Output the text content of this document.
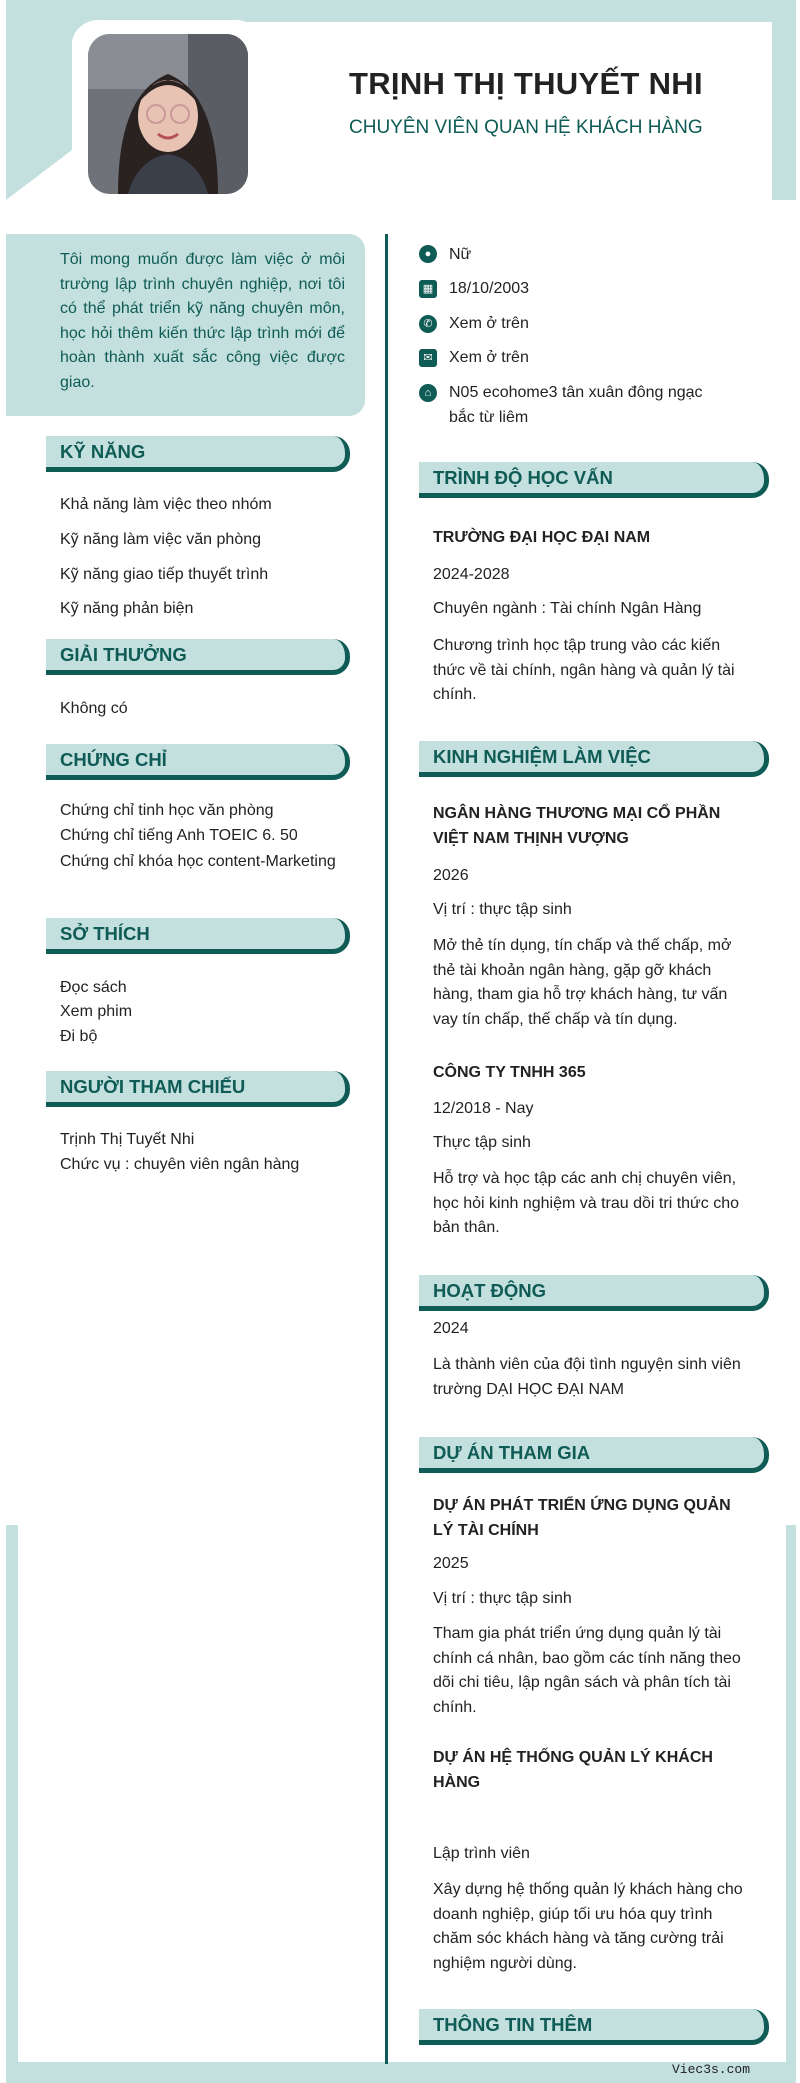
TRỊNH THỊ THUYẾT NHI
CHUYÊN VIÊN QUAN HỆ KHÁCH HÀNG
Tôi mong muốn được làm việc ở môi trường lập trình chuyên nghiệp, nơi tôi có thể phát triển kỹ năng chuyên môn, học hỏi thêm kiến thức lập trình mới để hoàn thành xuất sắc công việc được giao.
●	Nữ
▦ 18/10/2003
✆ Xem ở trên
✉ Xem ở trên
⌂	N05 ecohome3 tân xuân đông ngạc
bắc từ liêm
KỸ NĂNG
Khả năng làm việc theo nhóm
Kỹ năng làm việc văn phòng
Kỹ năng giao tiếp thuyết trình
Kỹ năng phản biện
GIẢI THƯỞNG
Không có
CHỨNG CHỈ
Chứng chỉ tinh học văn phòng
Chứng chỉ tiếng Anh TOEIC 6. 50
Chứng chỉ khóa học content-Marketing
SỞ THÍCH
Đọc sách
Xem phim
Đi bộ
NGƯỜI THAM CHIẾU
Trịnh Thị Tuyết Nhi
Chức vụ : chuyên viên ngân hàng
TRÌNH ĐỘ HỌC VẤN
TRƯỜNG ĐẠI HỌC ĐẠI NAM
2024-2028
Chuyên ngành : Tài chính Ngân Hàng
Chương trình học tập trung vào các kiến thức về tài chính, ngân hàng và quản lý tài chính.
KINH NGHIỆM LÀM VIỆC
NGÂN HÀNG THƯƠNG MẠI CỔ PHẦN VIỆT NAM THỊNH VƯỢNG
2026
Vị trí : thực tập sinh
Mở thẻ tín dụng, tín chấp và thế chấp, mở thẻ tài khoản ngân hàng, gặp gỡ khách hàng, tham gia hỗ trợ khách hàng, tư vấn vay tín chấp, thế chấp và tín dụng.
CÔNG TY TNHH 365
12/2018 - Nay
Thực tập sinh
Hỗ trợ và học tập các anh chị chuyên viên, học hỏi kinh nghiệm và trau dồi tri thức cho bản thân.
HOẠT ĐỘNG
2024
Là thành viên của đội tình nguyện sinh viên trường DẠI HỌC ĐẠI NAM
DỰ ÁN THAM GIA
DỰ ÁN PHÁT TRIỂN ỨNG DỤNG QUẢN LÝ TÀI CHÍNH
2025
Vị trí : thực tập sinh
Tham gia phát triển ứng dụng quản lý tài chính cá nhân, bao gồm các tính năng theo dõi chi tiêu, lập ngân sách và phân tích tài chính.
DỰ ÁN HỆ THỐNG QUẢN LÝ KHÁCH HÀNG
Lập trình viên
Xây dựng hệ thống quản lý khách hàng cho doanh nghiệp, giúp tối ưu hóa quy trình chăm sóc khách hàng và tăng cường trải nghiệm người dùng.
THÔNG TIN THÊM
Viec3s.com
